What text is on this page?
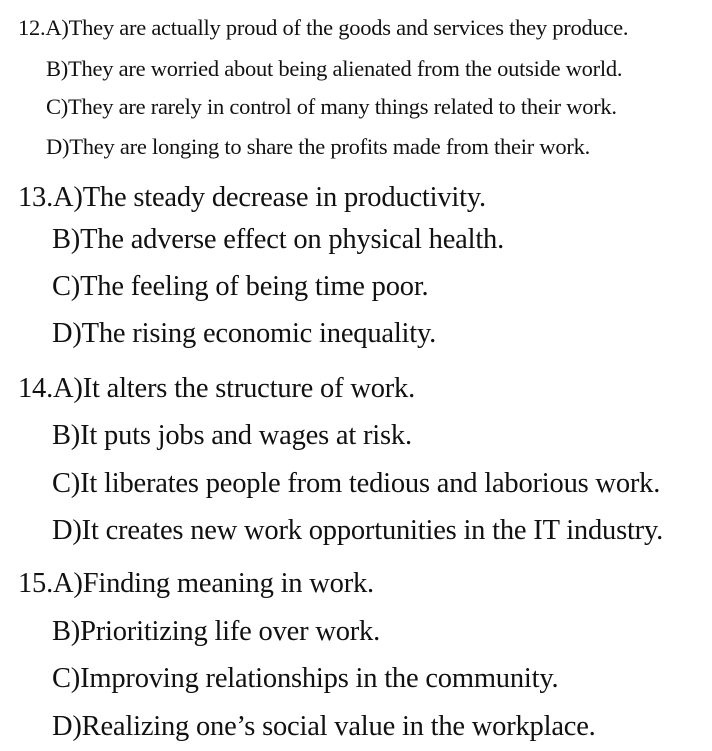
12.A)They are actually proud of the goods and services they produce.
B)They are worried about being alienated from the outside world.
C)They are rarely in control of many things related to their work.
D)They are longing to share the profits made from their work.
13.A)The steady decrease in productivity.
B)The adverse effect on physical health.
C)The feeling of being time poor.
D)The rising economic inequality.
14.A)It alters the structure of work.
B)It puts jobs and wages at risk.
C)It liberates people from tedious and laborious work.
D)It creates new work opportunities in the IT industry.
15.A)Finding meaning in work.
B)Prioritizing life over work.
C)Improving relationships in the community.
D)Realizing one’s social value in the workplace.
